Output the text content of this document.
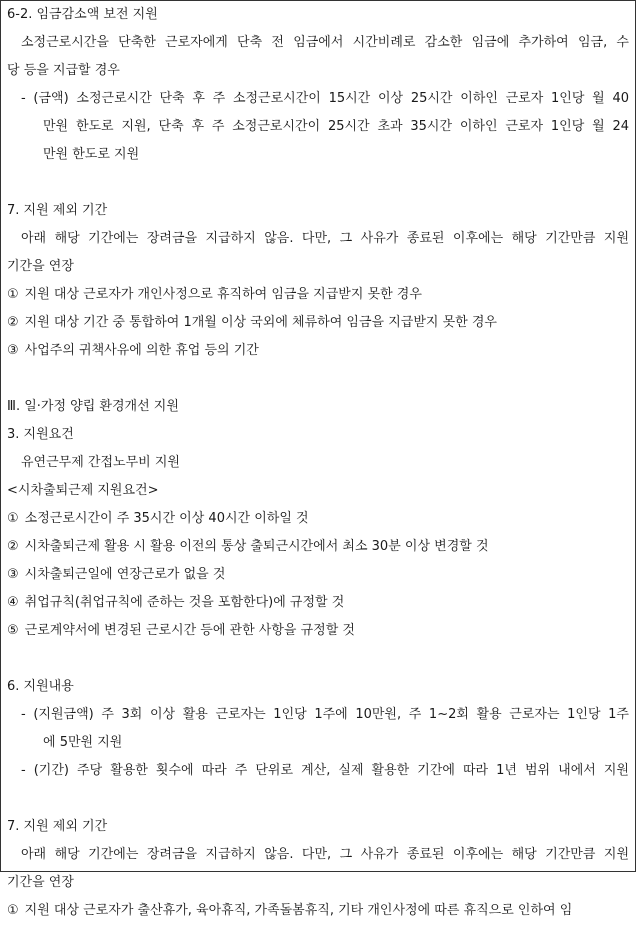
6-2. 임금감소액 보전 지원
소정근로시간을 단축한 근로자에게 단축 전 임금에서 시간비례로 감소한 임금에 추가하여 임금, 수
당 등을 지급할 경우
- (금액) 소정근로시간 단축 후 주 소정근로시간이 15시간 이상 25시간 이하인 근로자 1인당 월 40
만원 한도로 지원, 단축 후 주 소정근로시간이 25시간 초과 35시간 이하인 근로자 1인당 월 24
만원 한도로 지원
7. 지원 제외 기간
아래 해당 기간에는 장려금을 지급하지 않음. 다만, 그 사유가 종료된 이후에는 해당 기간만큼 지원
기간을 연장
① 지원 대상 근로자가 개인사정으로 휴직하여 임금을 지급받지 못한 경우
② 지원 대상 기간 중 통합하여 1개월 이상 국외에 체류하여 임금을 지급받지 못한 경우
③ 사업주의 귀책사유에 의한 휴업 등의 기간
Ⅲ. 일·가정 양립 환경개선 지원
3. 지원요건
유연근무제 간접노무비 지원
<시차출퇴근제 지원요건>
① 소정근로시간이 주 35시간 이상 40시간 이하일 것
② 시차출퇴근제 활용 시 활용 이전의 통상 출퇴근시간에서 최소 30분 이상 변경할 것
③ 시차출퇴근일에 연장근로가 없을 것
④ 취업규칙(취업규칙에 준하는 것을 포함한다)에 규정할 것
⑤ 근로계약서에 변경된 근로시간 등에 관한 사항을 규정할 것
6. 지원내용
- (지원금액) 주 3회 이상 활용 근로자는 1인당 1주에 10만원, 주 1~2회 활용 근로자는 1인당 1주
에 5만원 지원
- (기간) 주당 활용한 횟수에 따라 주 단위로 계산, 실제 활용한 기간에 따라 1년 범위 내에서 지원
7. 지원 제외 기간
아래 해당 기간에는 장려금을 지급하지 않음. 다만, 그 사유가 종료된 이후에는 해당 기간만큼 지원
기간을 연장
① 지원 대상 근로자가 출산휴가, 육아휴직, 가족돌봄휴직, 기타 개인사정에 따른 휴직으로 인하여 임
